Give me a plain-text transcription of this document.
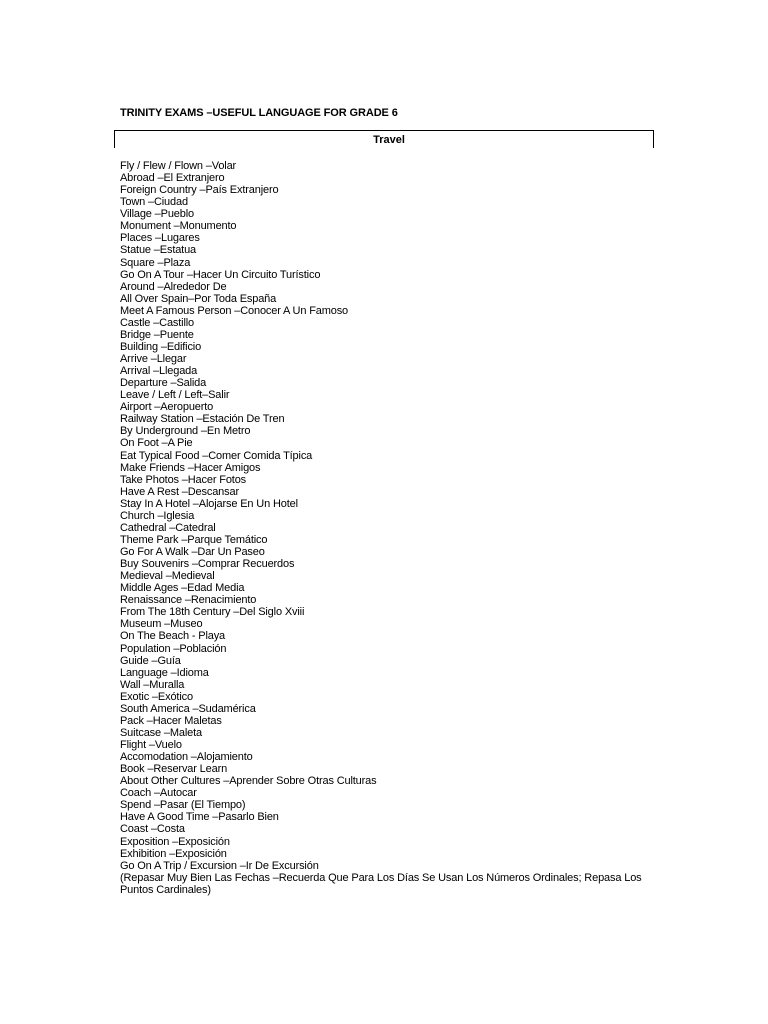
TRINITY EXAMS –USEFUL LANGUAGE FOR GRADE 6
Travel
Fly / Flew / Flown –Volar
Abroad –El Extranjero
Foreign Country –País Extranjero
Town –Ciudad
Village –Pueblo
Monument –Monumento
Places –Lugares
Statue –Estatua
Square –Plaza
Go On A Tour –Hacer Un Circuito Turístico
Around –Alrededor De
All Over Spain–Por Toda España
Meet A Famous Person –Conocer A Un Famoso
Castle –Castillo
Bridge –Puente
Building –Edificio
Arrive –Llegar
Arrival –Llegada
Departure –Salida
Leave / Left / Left–Salir
Airport –Aeropuerto
Railway Station –Estación De Tren
By Underground –En Metro
On Foot –A Pie
Eat Typical Food –Comer Comida Típica
Make Friends –Hacer Amigos
Take Photos –Hacer Fotos
Have A Rest –Descansar
Stay In A Hotel –Alojarse En Un Hotel
Church –Iglesia
Cathedral –Catedral
Theme Park –Parque Temático
Go For A Walk –Dar Un Paseo
Buy Souvenirs –Comprar Recuerdos
Medieval –Medieval
Middle Ages –Edad Media
Renaissance –Renacimiento
From The 18th Century –Del Siglo Xviii
Museum –Museo
On The Beach - Playa
Population –Población
Guide –Guía
Language –Idioma
Wall –Muralla
Exotic –Exótico
South America –Sudamérica
Pack –Hacer Maletas
Suitcase –Maleta
Flight –Vuelo
Accomodation –Alojamiento
Book –Reservar Learn
About Other Cultures –Aprender Sobre Otras Culturas
Coach –Autocar
Spend –Pasar (El Tiempo)
Have A Good Time –Pasarlo Bien
Coast –Costa
Exposition –Exposición
Exhibition –Exposición
Go On A Trip / Excursion –Ir De Excursión
(Repasar Muy Bien Las Fechas –Recuerda Que Para Los Días Se Usan Los Números Ordinales; Repasa Los Puntos Cardinales)
